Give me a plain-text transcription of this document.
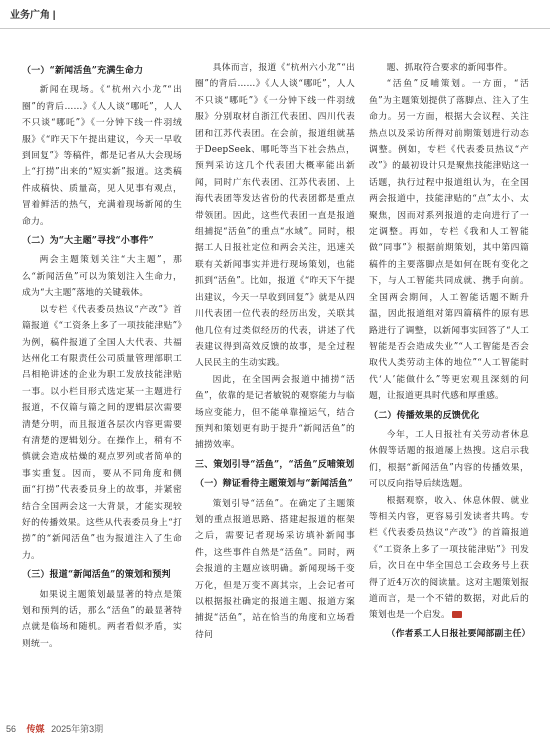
业务广角 |

（一）“新闻活鱼”充满生命力

新闻在现场。《“杭州六小龙”“出圈”的背后……》《人人谈“哪吒”，人人不只谈“哪吒”》《一分钟下线一件羽绒服》《“昨天下午提出建议，今天一早收到回复”》等稿件，都是记者从大会现场上“打捞”出来的“短实新”报道。这类稿件成稿快、质量高，见人见事有观点，冒着鲜活的热气，充满着现场新闻的生命力。

（二）为“大主题”寻找“小事件”

两会主题策划关注“大主题”，那么“新闻活鱼”可以为策划注入生命力，成为“大主题”落地的关键载体。

以专栏《代表委员热议“产改”》首篇报道《“工资条上多了一项技能津贴”》为例，稿件报道了全国人大代表、共福达州化工有限责任公司质量管理部职工吕相艳讲述的企业为职工发放技能津贴一事。以小栏目形式选定某一主题进行报道，不仅篇与篇之间的逻辑层次需要清楚分明，而且报道各层次内容更需要有清楚的逻辑划分。在操作上，稍有不慎就会造成枯燥的观点罗列或者简单的事实重复。因而，要从不同角度和侧面“打捞”代表委员身上的故事，并紧密结合全国两会这一大背景，才能实现较好的传播效果。这些从代表委员身上“打捞”的“新闻活鱼”也为报道注入了生命力。

（三）报道“新闻活鱼”的策划和预判

如果说主题策划最显著的特点是策划和预判的话，那么“活鱼”的最显著特点就是临场和随机。两者看似矛盾，实则统一。

具体而言，报道《“杭州六小龙”“出圈”的背后……》《人人谈“哪吒”，人人不只谈“哪吒”》《一分钟下线一件羽绒服》分别取材自浙江代表团、四川代表团和江苏代表团。在会前，报道组就基于DeepSeek、哪吒等当下社会热点，预判采访这几个代表团大概率能出新闻，同时广东代表团、江苏代表团、上海代表团等发达省份的代表团都是重点带领团。因此，这些代表团一直是报道组捕捉“活鱼”的重点“水域”。同时，根据工人日报社定位和两会关注，迅速关联有关新闻事实并进行现场策划，也能抓到“活鱼”。比如，报道《“昨天下午提出建议，今天一早收到回复”》就是从四川代表团一位代表的经历出发，关联其他几位有过类似经历的代表，讲述了代表建议得到高效反馈的故事，是全过程人民民主的生动实践。

因此，在全国两会报道中捕捞“活鱼”，依靠的是记者敏锐的观察能力与临场应变能力，但不能单靠撞运气，结合预判和策划更有助于提升“新闻活鱼”的捕捞效率。

三、策划引导“活鱼”，“活鱼”反哺策划

（一）辩证看待主题策划与“新闻活鱼”

策划引导“活鱼”。在确定了主题策划的重点报道思路、搭建起报道的框架之后，需要记者现场采访填补新闻事件，这些事件自然是“活鱼”。同时，两会报道的主题应该明确。新闻现场千变万化，但是万变不离其宗，上会记者可以根据报社确定的报道主题、报道方案捕捉“活鱼”，站在恰当的角度和立场看待问

题、抓取符合要求的新闻事件。

“活鱼”反哺策划。一方面，“活鱼”为主题策划提供了落脚点、注入了生命力。另一方面，根据大会议程、关注热点以及采访所得对前期策划进行动态调整。例如，专栏《代表委员热议“产改”》的最初设计只是聚焦技能津贴这一话题，执行过程中报道组认为，在全国两会报道中，技能津贴的“点”太小、太聚焦，因而对系列报道的走向进行了一定调整。再如，专栏《我和人工智能做“同事”》根据前期策划，其中第四篇稿件的主要落脚点是如何在既有变化之下，与人工智能共同成就、携手向前。全国两会期间，人工智能话题不断升温，因此报道组对第四篇稿件的原有思路进行了调整，以新闻事实回答了“人工智能是否会造成失业”“人工智能是否会取代人类劳动主体的地位”“人工智能时代‘人’能做什么”等更宏观且深刻的问题，让报道更具时代感和厚重感。

（二）传播效果的反馈优化

今年，工人日报社有关劳动者休息休假等话题的报道屡上热搜。这启示我们，根据“新闻活鱼”内容的传播效果，可以反向指导后续选题。

根据观察，收入、休息休假、就业等相关内容，更容易引发读者共鸣。专栏《代表委员热议“产改”》的首篇报道《“工资条上多了一项技能津贴”》刊发后，次日在中华全国总工会政务号上获得了近4万次的阅读量。这对主题策划报道而言，是一个不错的数据，对此后的策划也是一个启发。

（作者系工人日报社要闻部副主任）

56 传媒 2025年第3期
